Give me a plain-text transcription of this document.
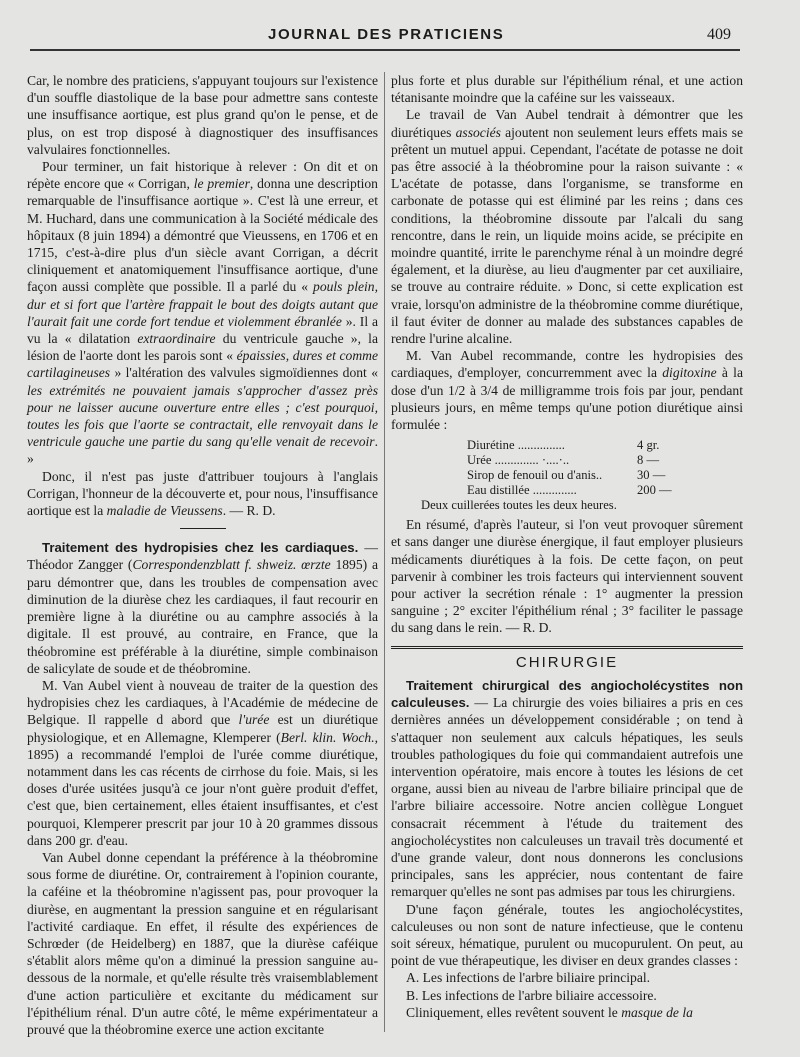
JOURNAL DES PRATICIENS	409

Car, le nombre des praticiens, s'appuyant toujours sur l'existence d'un souffle diastolique de la base pour admettre sans conteste une insuffisance aortique, est plus grand qu'on le pense, et de plus, on est trop disposé à diagnostiquer des insuffisances valvulaires fonctionnelles.

Pour terminer, un fait historique à relever : On dit et on répète encore que « Corrigan, le premier, donna une description remarquable de l'insuffisance aortique ». C'est là une erreur, et M. Huchard, dans une communication à la Société médicale des hôpitaux (8 juin 1894) a démontré que Vieussens, en 1706 et en 1715, c'est-à-dire plus d'un siècle avant Corrigan, a décrit cliniquement et anatomiquement l'insuffisance aortique, d'une façon aussi complète que possible. Il a parlé du « pouls plein, dur et si fort que l'artère frappait le bout des doigts autant que l'aurait fait une corde fort tendue et violemment ébranlée ». Il a vu la « dilatation extraordinaire du ventricule gauche », la lésion de l'aorte dont les parois sont « épaissies, dures et comme cartilagineuses » l'altération des valvules sigmoïdiennes dont « les extrémités ne pouvaient jamais s'approcher d'assez près pour ne laisser aucune ouverture entre elles ; c'est pourquoi, toutes les fois que l'aorte se contractait, elle renvoyait dans le ventricule gauche une partie du sang qu'elle venait de recevoir. »

Donc, il n'est pas juste d'attribuer toujours à l'anglais Corrigan, l'honneur de la découverte et, pour nous, l'insuffisance aortique est la maladie de Vieussens. — R. D.

Traitement des hydropisies chez les cardiaques. — Théodor Zangger (Correspondenzblatt f. shweiz. œrzte 1895) a paru démontrer que, dans les troubles de compensation avec diminution de la diurèse chez les cardiaques, il faut recourir en première ligne à la diurétine ou au camphre associés à la digitale. Il est prouvé, au contraire, en France, que la théobromine est préférable à la diurétine, simple combinaison de salicylate de soude et de théobromine.

M. Van Aubel vient à nouveau de traiter de la question des hydropisies chez les cardiaques, à l'Académie de médecine de Belgique. Il rappelle d abord que l'urée est un diurétique physiologique, et en Allemagne, Klemperer (Berl. klin. Woch., 1895) a recommandé l'emploi de l'urée comme diurétique, notamment dans les cas récents de cirrhose du foie. Mais, si les doses d'urée usitées jusqu'à ce jour n'ont guère produit d'effet, c'est que, bien certainement, elles étaient insuffisantes, et c'est pourquoi, Klemperer prescrit par jour 10 à 20 grammes dissous dans 200 gr. d'eau.

Van Aubel donne cependant la préférence à la théobromine sous forme de diurétine. Or, contrairement à l'opinion courante, la caféine et la théobromine n'agissent pas, pour provoquer la diurèse, en augmentant la pression sanguine et en régularisant l'activité cardiaque. En effet, il résulte des expériences de Schrœder (de Heidelberg) en 1887, que la diurèse caféique s'établit alors même qu'on a diminué la pression sanguine au-dessous de la normale, et qu'elle résulte très vraisemblablement d'une action particulière et excitante du médicament sur l'épithélium rénal. D'un autre côté, le même expérimentateur a prouvé que la théobromine exerce une action excitante

plus forte et plus durable sur l'épithélium rénal, et une action tétanisante moindre que la caféine sur les vaisseaux.

Le travail de Van Aubel tendrait à démontrer que les diurétiques associés ajoutent non seulement leurs effets mais se prêtent un mutuel appui. Cependant, l'acétate de potasse ne doit pas être associé à la théobromine pour la raison suivante : « L'acétate de potasse, dans l'organisme, se transforme en carbonate de potasse qui est éliminé par les reins ; dans ces conditions, la théobromine dissoute par l'alcali du sang rencontre, dans le rein, un liquide moins acide, se précipite en moindre quantité, irrite le parenchyme rénal à un moindre degré également, et la diurèse, au lieu d'augmenter par cet auxiliaire, se trouve au contraire réduite. » Donc, si cette explication est vraie, lorsqu'on administre de la théobromine comme diurétique, il faut éviter de donner au malade des substances capables de rendre l'urine alcaline.

M. Van Aubel recommande, contre les hydropisies des cardiaques, d'employer, concurremment avec la digitoxine à la dose d'un 1/2 à 3/4 de milligramme trois fois par jour, pendant plusieurs jours, en même temps qu'une potion diurétique ainsi formulée :

Diurétine ...............	4 gr.
Urée .............. ·....·..	8 —
Sirop de fenouil ou d'anis..	30 —
Eau distillée ..............	200 —
Deux cuillerées toutes les deux heures.

En résumé, d'après l'auteur, si l'on veut provoquer sûrement et sans danger une diurèse énergique, il faut employer plusieurs médicaments diurétiques à la fois. De cette façon, on peut parvenir à combiner les trois facteurs qui interviennent souvent pour activer la secrétion rénale : 1° augmenter la pression sanguine ; 2° exciter l'épithélium rénal ; 3° faciliter le passage du sang dans le rein. — R. D.

CHIRURGIE

Traitement chirurgical des angiocholécystites non calculeuses. — La chirurgie des voies biliaires a pris en ces dernières années un développement considérable ; on tend à s'attaquer non seulement aux calculs hépatiques, les seuls troubles pathologiques du foie qui commandaient autrefois une intervention opératoire, mais encore à toutes les lésions de cet organe, aussi bien au niveau de l'arbre biliaire principal que de l'arbre biliaire accessoire. Notre ancien collègue Longuet consacrait récemment à l'étude du traitement des angiocholécystites non calculeuses un travail très documenté et d'une grande valeur, dont nous donnerons les conclusions principales, sans les apprécier, nous contentant de faire remarquer qu'elles ne sont pas admises par tous les chirurgiens.

D'une façon générale, toutes les angiocholécystites, calculeuses ou non sont de nature infectieuse, que le contenu soit séreux, hématique, purulent ou mucopurulent. On peut, au point de vue thérapeutique, les diviser en deux grandes classes :

A. Les infections de l'arbre biliaire principal.

B. Les infections de l'arbre biliaire accessoire.

Cliniquement, elles revêtent souvent le masque de la
